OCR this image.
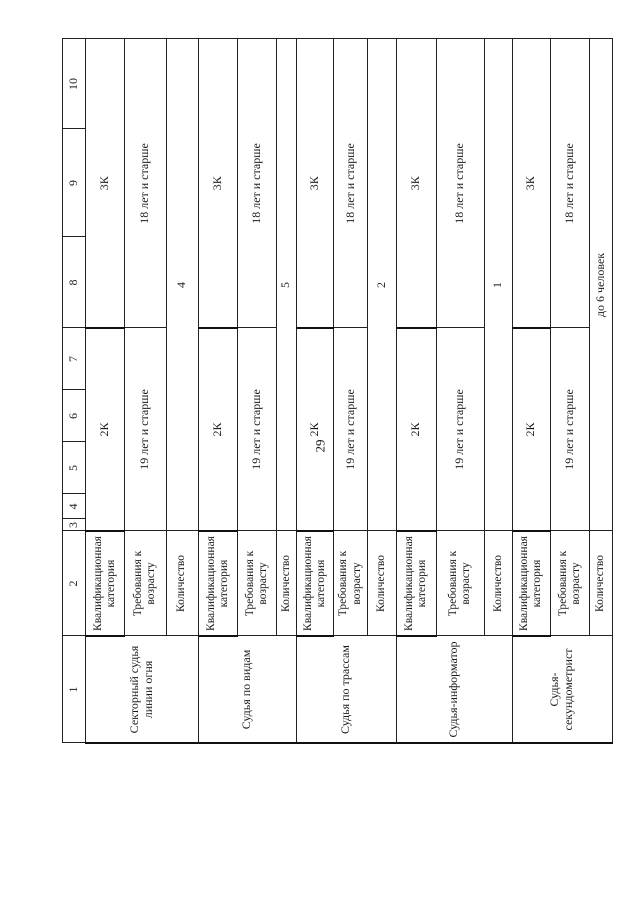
29
1	2	3	4	5	6	7	8	9	10
Секторный судья линии огня	Квалификационная категория	2К					3К		
	Требования к возрасту	19 лет и старше					18 лет и старше		
	Количество	4							
Судья по видам	Квалификационная категория	2К					3К		
	Требования к возрасту	19 лет и старше					18 лет и старше		
	Количество	5							
Судья по трассам	Квалификационная категория	2К					3К		
	Требования к возрасту	19 лет и старше					18 лет и старше		
	Количество	2							
Судья-информатор	Квалификационная категория	2К					3К		
	Требования к возрасту	19 лет и старше					18 лет и старше		
	Количество	1							
Судья-секундометрист	Квалификационная категория	2К					3К		
	Требования к возрасту	19 лет и старше					18 лет и старше		
	Количество	до 6 человек							
